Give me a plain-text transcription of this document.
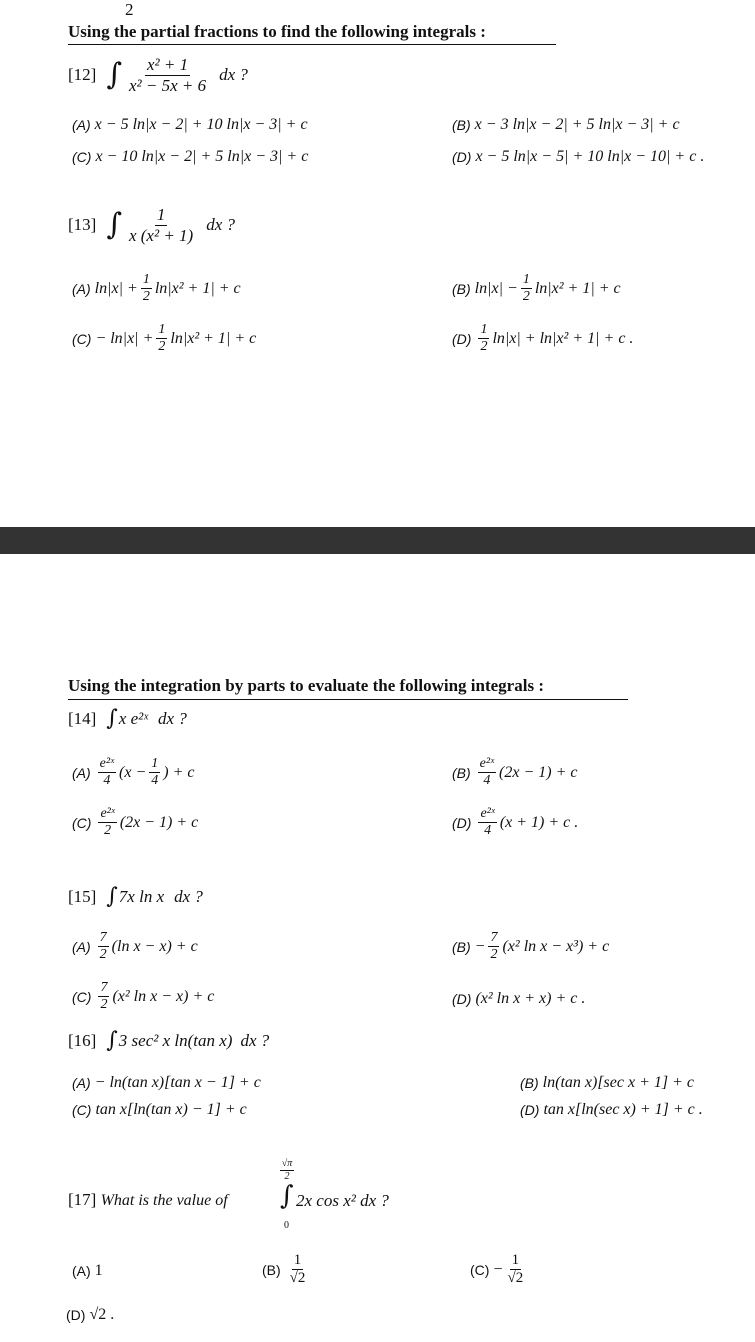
2
Using the partial fractions to find the following integrals :
[12] ∫ $\frac{\text{x² + 1}}{\text{x² − 5x + 6}}$ dx ?
(A) x − 5 ln|x − 2| + 10 ln|x − 3| + c	(B) x − 3 ln|x − 2| + 5 ln|x − 3| + c
(C) x − 10 ln|x − 2| + 5 ln|x − 3| + c	(D) x − 5 ln|x − 5| + 10 ln|x − 10| + c .
[13] ∫ $\frac{1}{\text{x (x² + 1)}}$ dx ?
(A) $\ln|x| + \frac{1}{2} \ln|x^2 + 1| + c$	(B) $\ln|x| - \frac{1}{2} \ln|x^2 + 1| + c$
$(C) - \ln|x| + \frac{1}{2} \ln|x^2 + 1| + c$	$(D) \frac{1}{2} \ln|x| + \ln|x^2 + 1| + c$ .
Using the integration by parts to evaluate the following integrals :
[14] ∫ x e²ˣ dx ?
$(A) \frac{\text{e²ˣ}}{4} (x - \frac{1}{4}$ ) + c	$(B) \frac{\text{e²ˣ}}{4} (2x - 1) + c$
$(C) \frac{\text{e²ˣ}}{2} (2x - 1) + c$	$(D) \frac{\text{e²ˣ}}{4} (x + 1) + c$ .
[15] ∫ 7x ln x dx ?
$(A) \frac{7}{2} (\ln$ x − x) + c	$(B) - \frac{7}{2} (x^2$ ln x − x³) + c
$(C) \frac{7}{2} (x^2$ ln x − x) + c	(D) (x² ln x + x) + c .
[16] ∫ 3 sec² x ln(tan x) dx ?
(A) − ln(tan x)[tan x − 1] + c	(B) ln(tan x)[sec x + 1] + c
(C) tan x[ln(tan x) − 1] + c	(D) tan x[ln(sec x) + 1] + c .
[17] What is the value of
$\frac{√\pi}{2}$
∫
0
2x cos x² dx ?
(A) 1	$(B) \frac{1}{√2}$	$(C) - \frac{1}{√2}$
(D) √2 .
